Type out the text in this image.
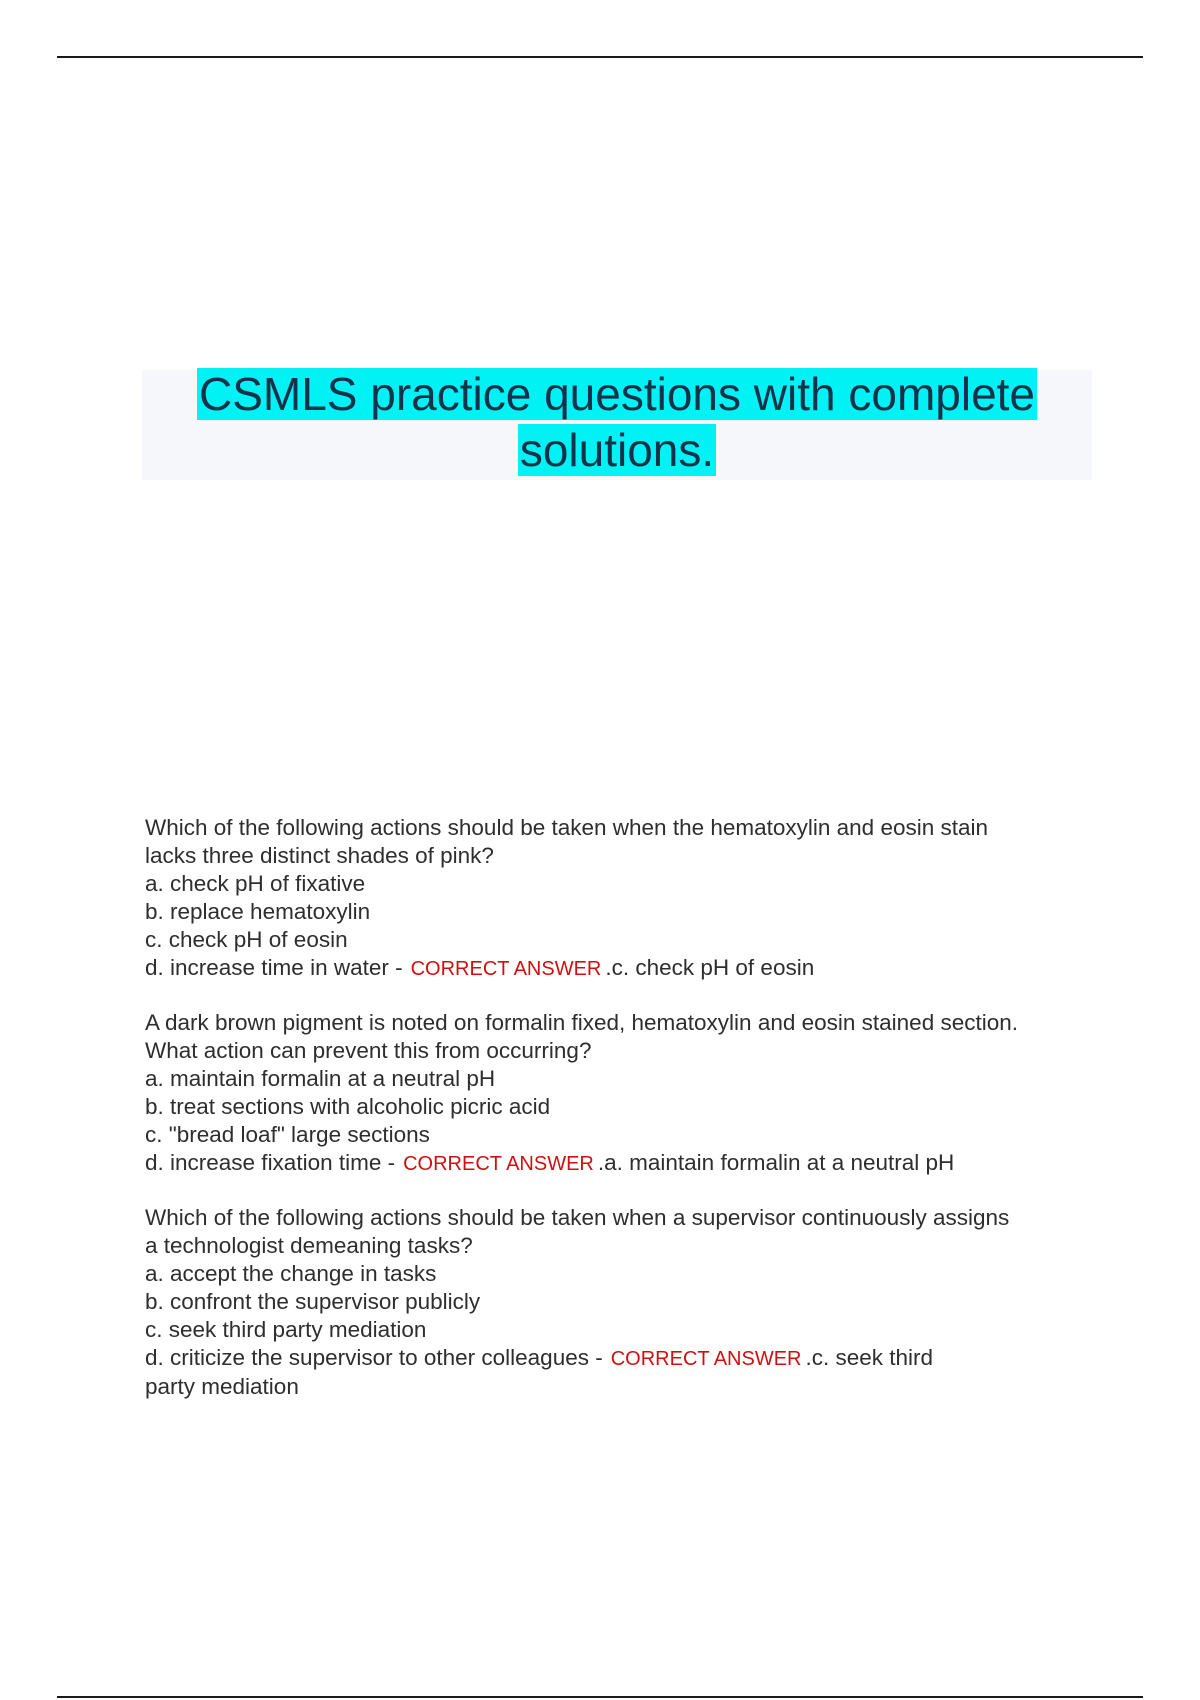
CSMLS practice questions with complete solutions.
Which of the following actions should be taken when the hematoxylin and eosin stain
lacks three distinct shades of pink?
a. check pH of fixative
b. replace hematoxylin
c. check pH of eosin
d. increase time in water - CORRECT ANSWER .c. check pH of eosin
A dark brown pigment is noted on formalin fixed, hematoxylin and eosin stained section.
What action can prevent this from occurring?
a. maintain formalin at a neutral pH
b. treat sections with alcoholic picric acid
c. "bread loaf" large sections
d. increase fixation time - CORRECT ANSWER .a. maintain formalin at a neutral pH
Which of the following actions should be taken when a supervisor continuously assigns
a technologist demeaning tasks?
a. accept the change in tasks
b. confront the supervisor publicly
c. seek third party mediation
d. criticize the supervisor to other colleagues - CORRECT ANSWER .c. seek third
party mediation
